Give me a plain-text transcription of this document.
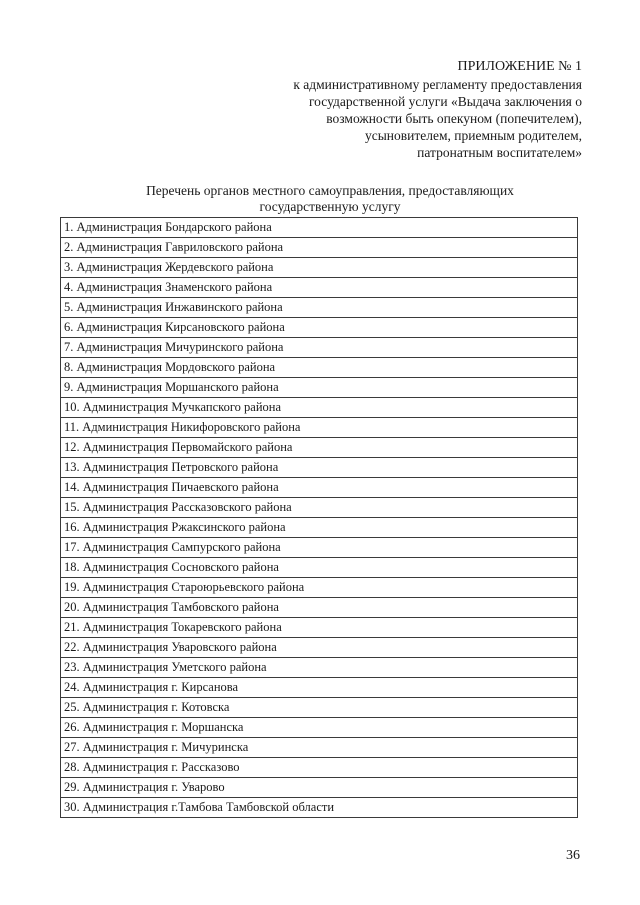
ПРИЛОЖЕНИЕ № 1
к административному регламенту предоставления
государственной услуги «Выдача заключения о
возможности быть опекуном (попечителем),
усыновителем, приемным родителем,
патронатным воспитателем»
Перечень органов местного самоуправления, предоставляющих
государственную услугу
1. Администрация Бондарского района
2. Администрация Гавриловского района
3. Администрация Жердевского района
4. Администрация Знаменского района
5. Администрация Инжавинского района
6. Администрация Кирсановского района
7. Администрация Мичуринского района
8. Администрация Мордовского района
9. Администрация Моршанского района
10. Администрация Мучкапского района
11. Администрация Никифоровского района
12. Администрация Первомайского района
13. Администрация Петровского района
14. Администрация Пичаевского района
15. Администрация Рассказовского района
16. Администрация Ржаксинского района
17. Администрация Сампурского района
18. Администрация Сосновского района
19. Администрация Староюрьевского района
20. Администрация Тамбовского района
21. Администрация Токаревского района
22. Администрация Уваровского района
23. Администрация Уметского района
24. Администрация г. Кирсанова
25. Администрация г. Котовска
26. Администрация г. Моршанска
27. Администрация г. Мичуринска
28. Администрация г. Рассказово
29. Администрация г. Уварово
30. Администрация г.Тамбова Тамбовской области
36
